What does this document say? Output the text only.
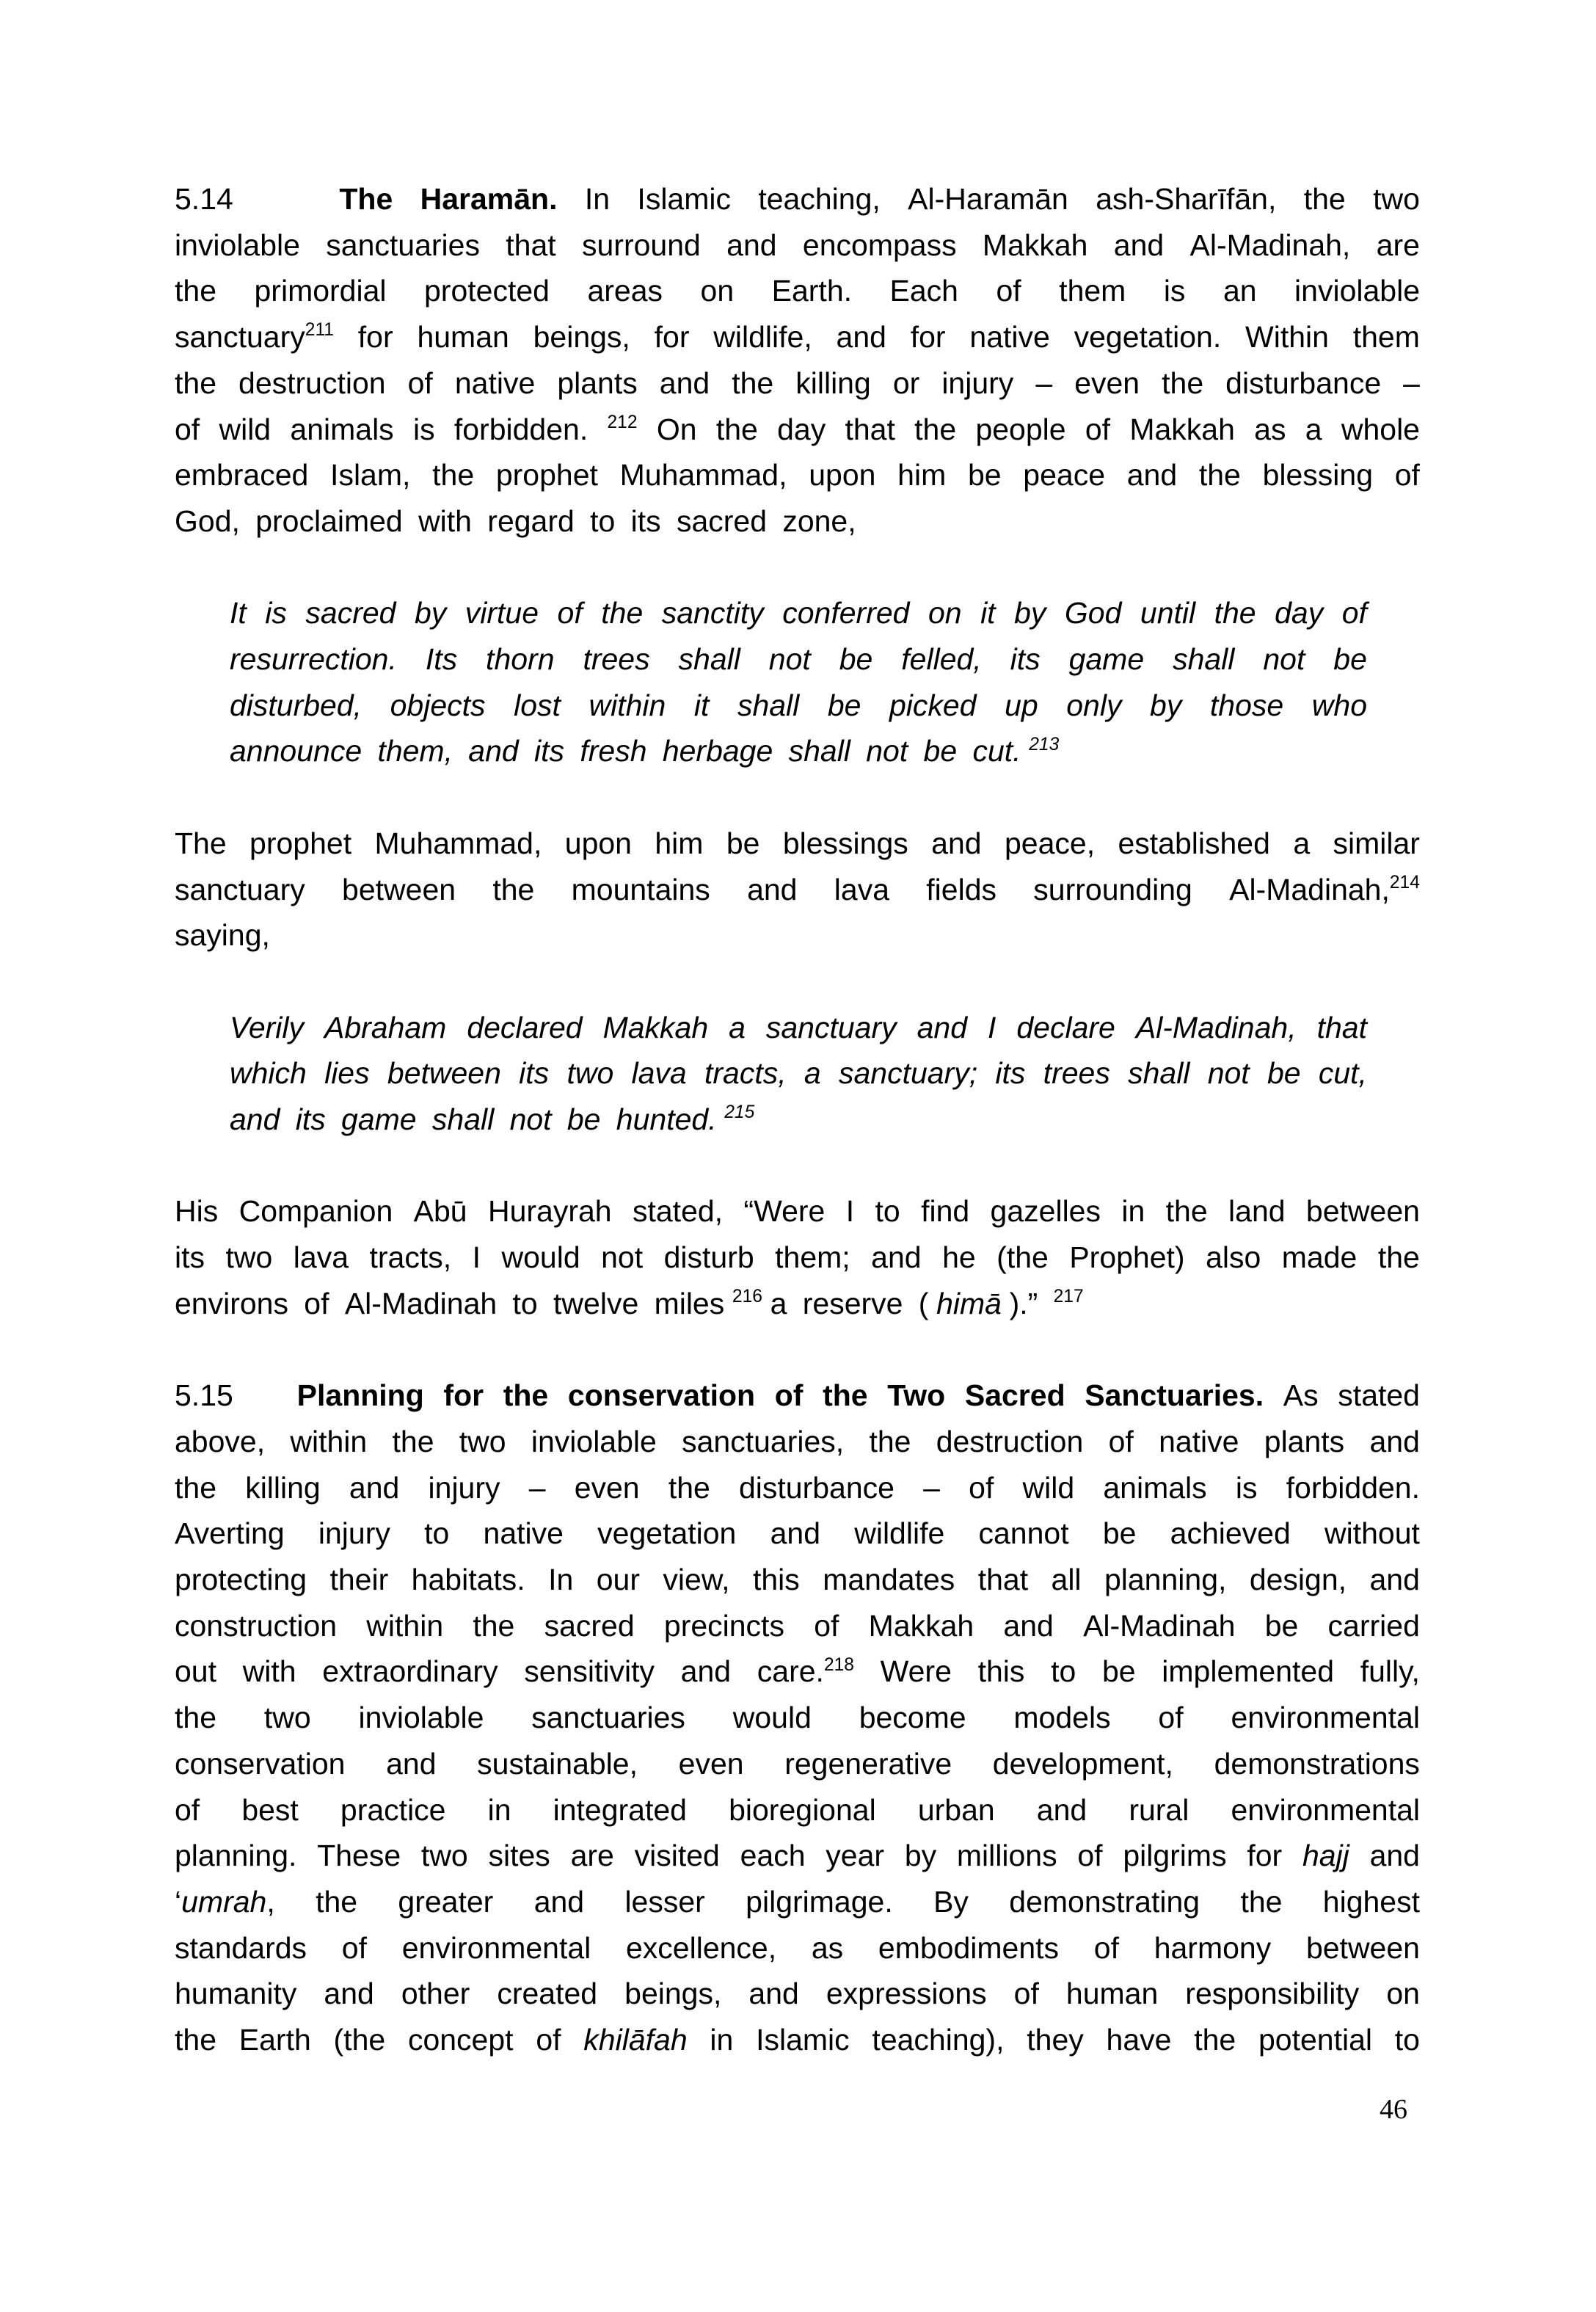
5.14	The Haramān. In Islamic teaching, Al-Haramān ash-Sharīfān, the two
inviolable sanctuaries that surround and encompass Makkah and Al-Madinah, are
the primordial protected areas on Earth. Each of them is an inviolable
sanctuary$^{211}$ for human beings, for wildlife, and for native vegetation. Within them
the destruction of native plants and the killing or injury – even the disturbance –
of wild animals is forbidden. $^{212}$ On the day that the people of Makkah as a whole
embraced Islam, the prophet Muhammad, upon him be peace and the blessing of
God, proclaimed with regard to its sacred zone,
It is sacred by virtue of the sanctity conferred on it by God until the day of
resurrection. Its thorn trees shall not be felled, its game shall not be
disturbed, objects lost within it shall be picked up only by those who
announce them, and its fresh herbage shall not be cut. $^{213}$
The prophet Muhammad, upon him be blessings and peace, established a similar
sanctuary between the mountains and lava fields surrounding Al-Madinah,$^{214}$
saying,
Verily Abraham declared Makkah a sanctuary and I declare Al-Madinah, that
which lies between its two lava tracts, a sanctuary; its trees shall not be cut,
and its game shall not be hunted. $^{215}$
His Companion Abū Hurayrah stated, “Were I to find gazelles in the land between
its two lava tracts, I would not disturb them; and he (the Prophet) also made the
environs of Al-Madinah to twelve miles $^{216}$ a reserve ( himā ).” $^{217}$
5.15	Planning for the conservation of the Two Sacred Sanctuaries. As stated
above, within the two inviolable sanctuaries, the destruction of native plants and
the killing and injury – even the disturbance – of wild animals is forbidden.
Averting injury to native vegetation and wildlife cannot be achieved without
protecting their habitats. In our view, this mandates that all planning, design, and
construction within the sacred precincts of Makkah and Al-Madinah be carried
out with extraordinary sensitivity and care.$^{218}$ Were this to be implemented fully,
the two inviolable sanctuaries would become models of environmental
conservation and sustainable, even regenerative development, demonstrations
of best practice in integrated bioregional urban and rural environmental
planning. These two sites are visited each year by millions of pilgrims for hajj and
‘umrah, the greater and lesser pilgrimage. By demonstrating the highest
standards of environmental excellence, as embodiments of harmony between
humanity and other created beings, and expressions of human responsibility on
the Earth (the concept of khilāfah in Islamic teaching), they have the potential to
46
